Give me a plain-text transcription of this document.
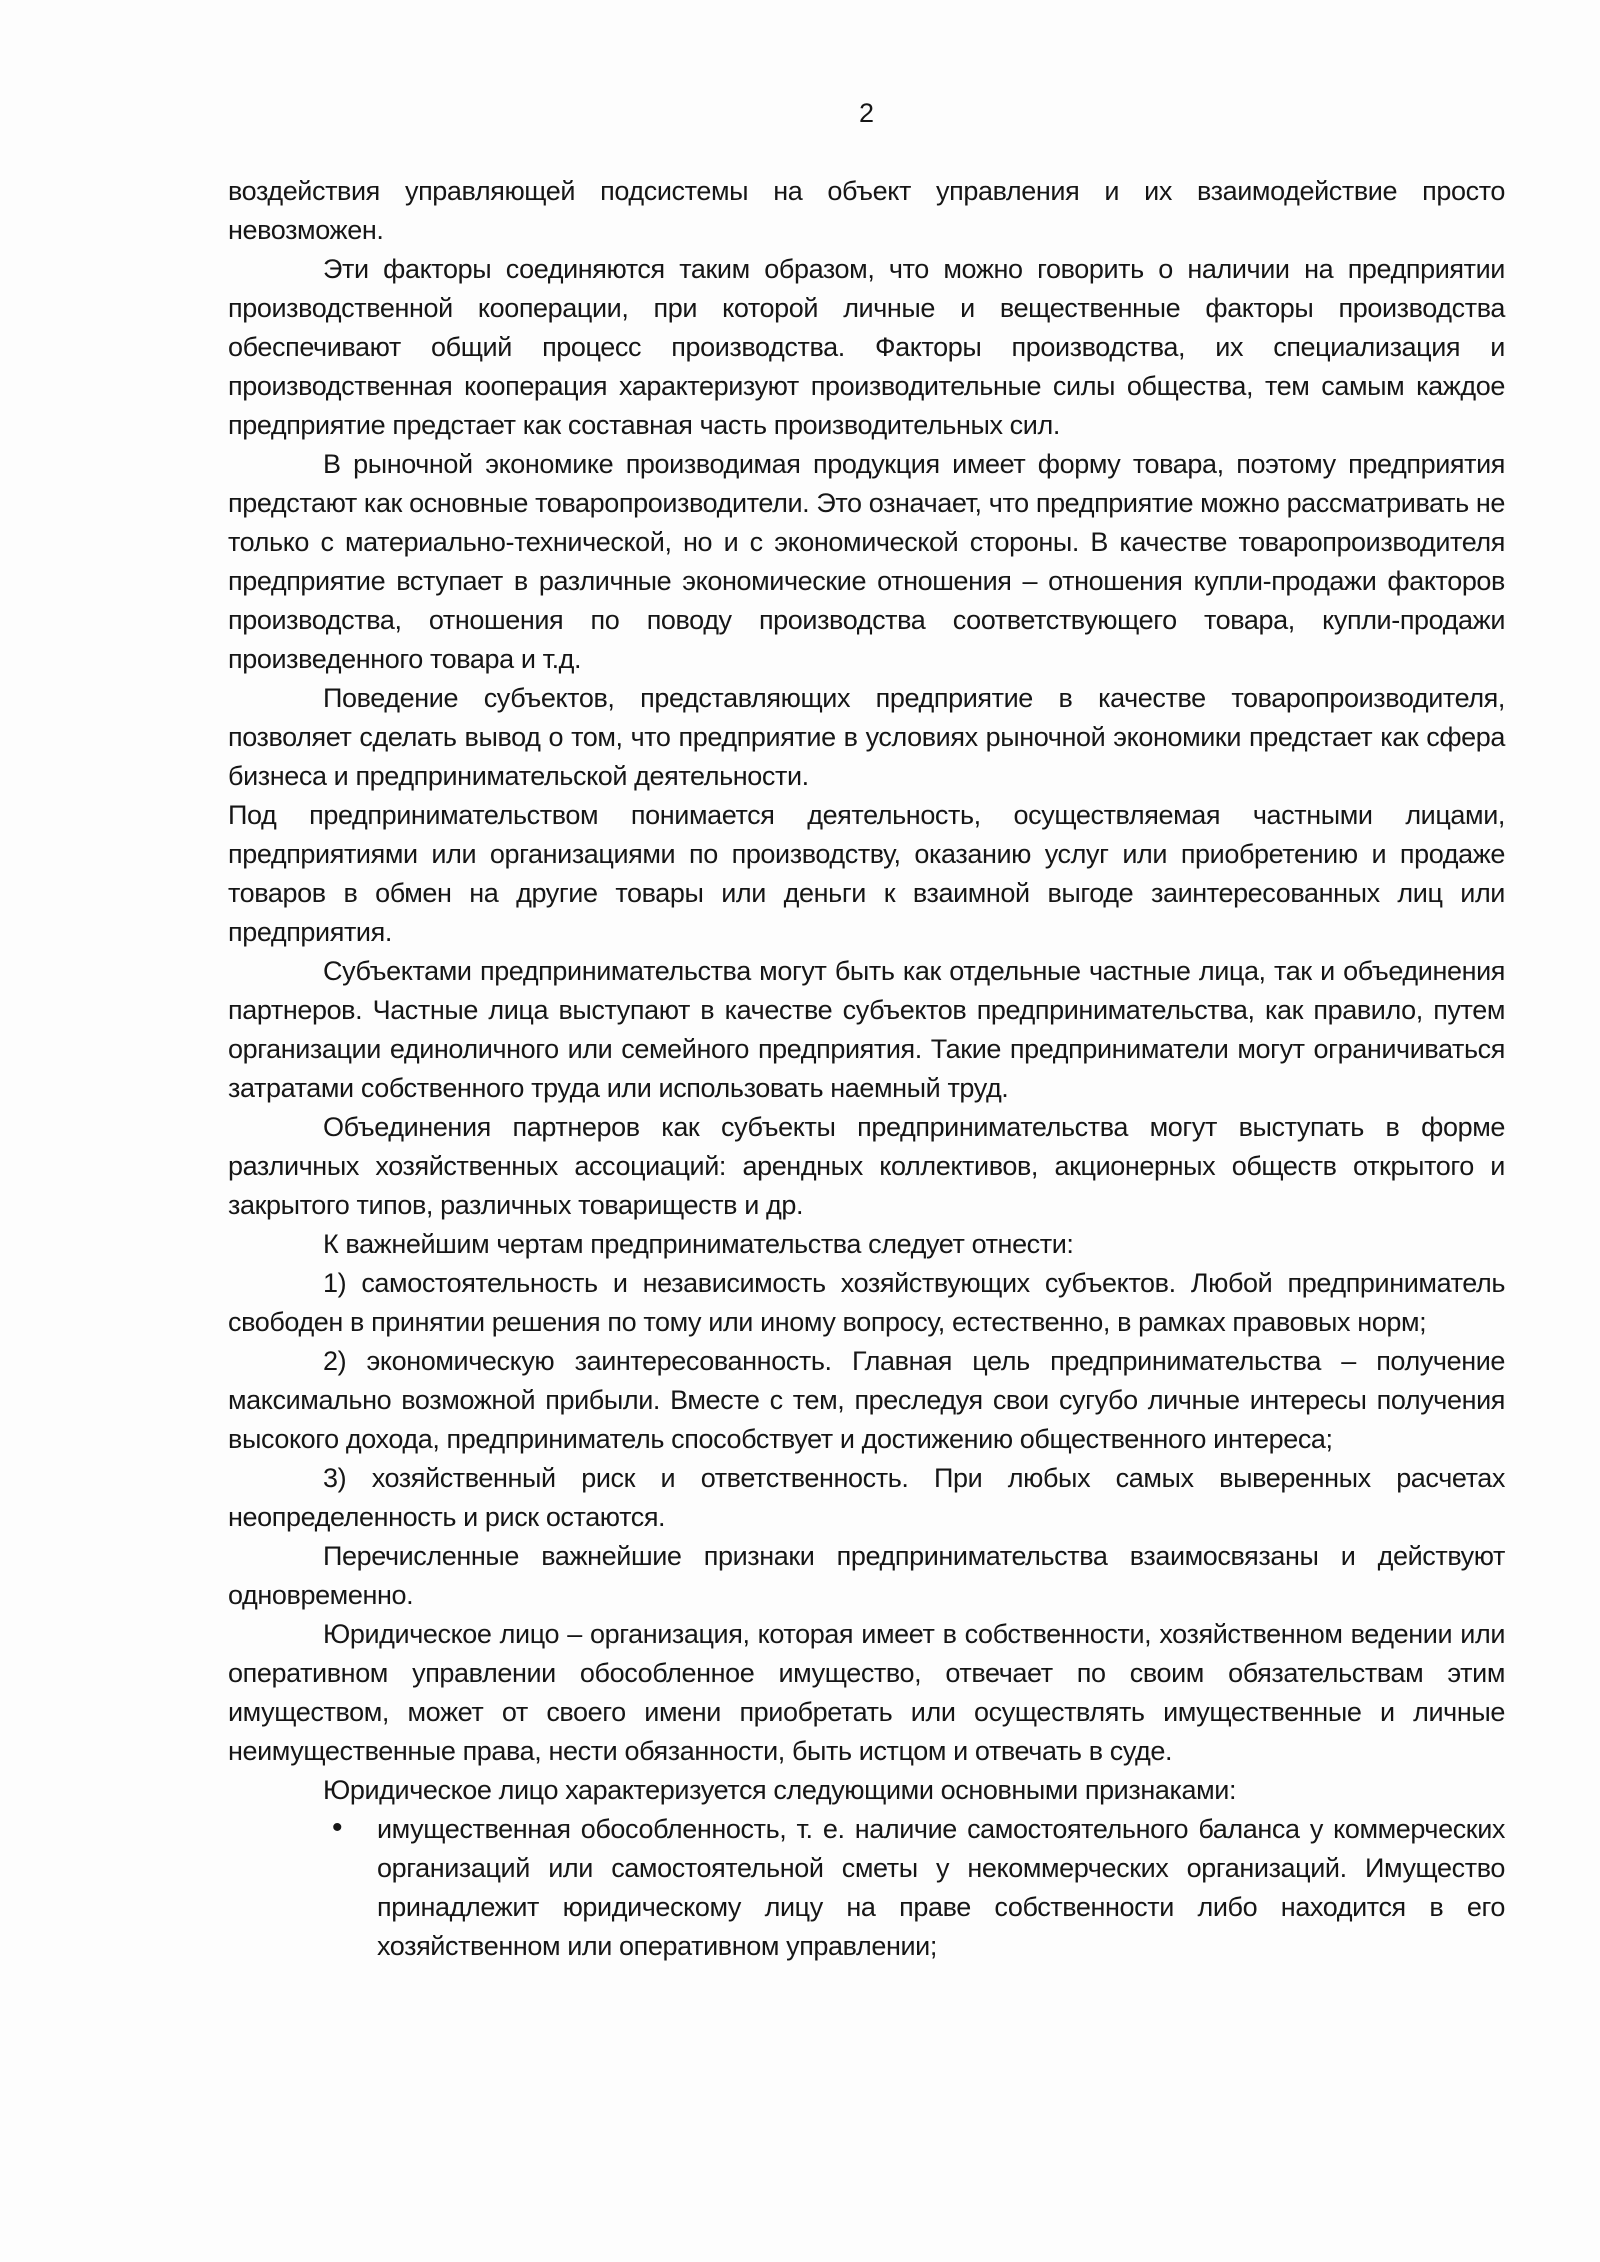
2

воздействия управляющей подсистемы на объект управления и их взаимодействие просто невозможен.

Эти факторы соединяются таким образом, что можно говорить о наличии на предприятии производственной кооперации, при которой личные и вещественные факторы производства обеспечивают общий процесс производства. Факторы производства, их специализация и производственная кооперация характеризуют производительные силы общества, тем самым каждое предприятие предстает как составная часть производительных сил.

В рыночной экономике производимая продукция имеет форму товара, поэтому предприятия предстают как основные товаропроизводители. Это означает, что предприятие можно рассматривать не только с материально-технической, но и с экономической стороны. В качестве товаропроизводителя предприятие вступает в различные экономические отношения – отношения купли-продажи факторов производства, отношения по поводу производства соответствующего товара, купли-продажи произведенного товара и т.д.

Поведение субъектов, представляющих предприятие в качестве товаропроизводителя, позволяет сделать вывод о том, что предприятие в условиях рыночной экономики предстает как сфера бизнеса и предпринимательской деятельности.

Под предпринимательством понимается деятельность, осуществляемая частными лицами, предприятиями или организациями по производству, оказанию услуг или приобретению и продаже товаров в обмен на другие товары или деньги к взаимной выгоде заинтересованных лиц или предприятия.

Субъектами предпринимательства могут быть как отдельные частные лица, так и объединения партнеров. Частные лица выступают в качестве субъектов предпринимательства, как правило, путем организации единоличного или семейного предприятия. Такие предприниматели могут ограничиваться затратами собственного труда или использовать наемный труд.

Объединения партнеров как субъекты предпринимательства могут выступать в форме различных хозяйственных ассоциаций: арендных коллективов, акционерных обществ открытого и закрытого типов, различных товариществ и др.

К важнейшим чертам предпринимательства следует отнести:

1) самостоятельность и независимость хозяйствующих субъектов. Любой предприниматель свободен в принятии решения по тому или иному вопросу, естественно, в рамках правовых норм;

2) экономическую заинтересованность. Главная цель предпринимательства – получение максимально возможной прибыли. Вместе с тем, преследуя свои сугубо личные интересы получения высокого дохода, предприниматель способствует и достижению общественного интереса;

3) хозяйственный риск и ответственность. При любых самых выверенных расчетах неопределенность и риск остаются.

Перечисленные важнейшие признаки предпринимательства взаимосвязаны и действуют одновременно.

Юридическое лицо – организация, которая имеет в собственности, хозяйственном ведении или оперативном управлении обособленное имущество, отвечает по своим обязательствам этим имуществом, может от своего имени приобретать или осуществлять имущественные и личные неимущественные права, нести обязанности, быть истцом и отвечать в суде.

Юридическое лицо характеризуется следующими основными признаками:

• имущественная обособленность, т. е. наличие самостоятельного баланса у коммерческих организаций или самостоятельной сметы у некоммерческих организаций. Имущество принадлежит юридическому лицу на праве собственности либо находится в его хозяйственном или оперативном управлении;
